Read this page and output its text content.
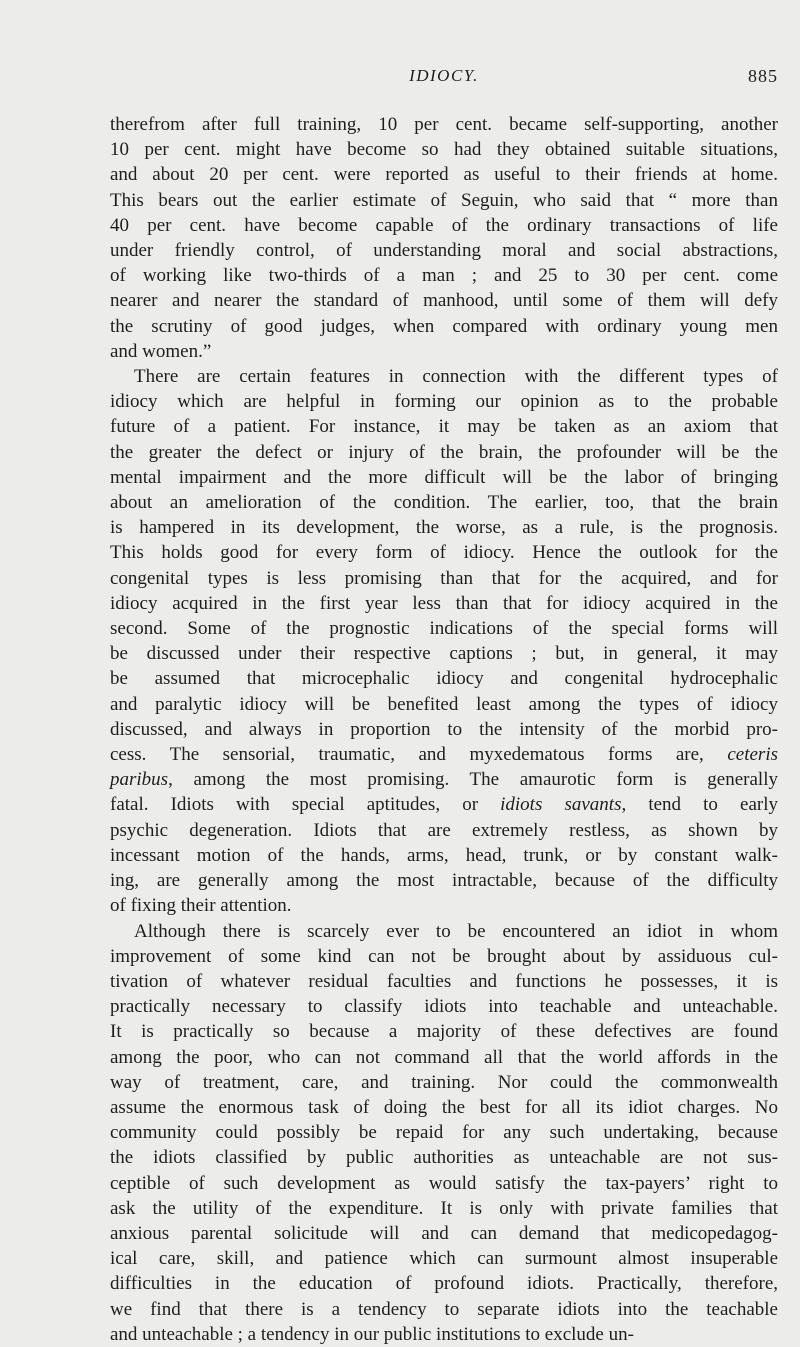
IDIOCY.	885

therefrom after full training, 10 per cent. became self-supporting, another
10 per cent. might have become so had they obtained suitable situations,
and about 20 per cent. were reported as useful to their friends at home.
This bears out the earlier estimate of Seguin, who said that “ more than
40 per cent. have become capable of the ordinary transactions of life
under friendly control, of understanding moral and social abstractions,
of working like two-thirds of a man ; and 25 to 30 per cent. come
nearer and nearer the standard of manhood, until some of them will defy
the scrutiny of good judges, when compared with ordinary young men
and women.”

There are certain features in connection with the different types of
idiocy which are helpful in forming our opinion as to the probable
future of a patient. For instance, it may be taken as an axiom that
the greater the defect or injury of the brain, the profounder will be the
mental impairment and the more difficult will be the labor of bringing
about an amelioration of the condition. The earlier, too, that the brain
is hampered in its development, the worse, as a rule, is the prognosis.
This holds good for every form of idiocy. Hence the outlook for the
congenital types is less promising than that for the acquired, and for
idiocy acquired in the first year less than that for idiocy acquired in the
second. Some of the prognostic indications of the special forms will
be discussed under their respective captions ; but, in general, it may
be assumed that microcephalic idiocy and congenital hydrocephalic
and paralytic idiocy will be benefited least among the types of idiocy
discussed, and always in proportion to the intensity of the morbid pro-
cess. The sensorial, traumatic, and myxedematous forms are, ceteris
paribus, among the most promising. The amaurotic form is generally
fatal. Idiots with special aptitudes, or idiots savants, tend to early
psychic degeneration. Idiots that are extremely restless, as shown by
incessant motion of the hands, arms, head, trunk, or by constant walk-
ing, are generally among the most intractable, because of the difficulty
of fixing their attention.

Although there is scarcely ever to be encountered an idiot in whom
improvement of some kind can not be brought about by assiduous cul-
tivation of whatever residual faculties and functions he possesses, it is
practically necessary to classify idiots into teachable and unteachable.
It is practically so because a majority of these defectives are found
among the poor, who can not command all that the world affords in the
way of treatment, care, and training. Nor could the commonwealth
assume the enormous task of doing the best for all its idiot charges. No
community could possibly be repaid for any such undertaking, because
the idiots classified by public authorities as unteachable are not sus-
ceptible of such development as would satisfy the tax-payers’ right to
ask the utility of the expenditure. It is only with private families that
anxious parental solicitude will and can demand that medicopedagog-
ical care, skill, and patience which can surmount almost insuperable
difficulties in the education of profound idiots. Practically, therefore,
we find that there is a tendency to separate idiots into the teachable
and unteachable ; a tendency in our public institutions to exclude un-
